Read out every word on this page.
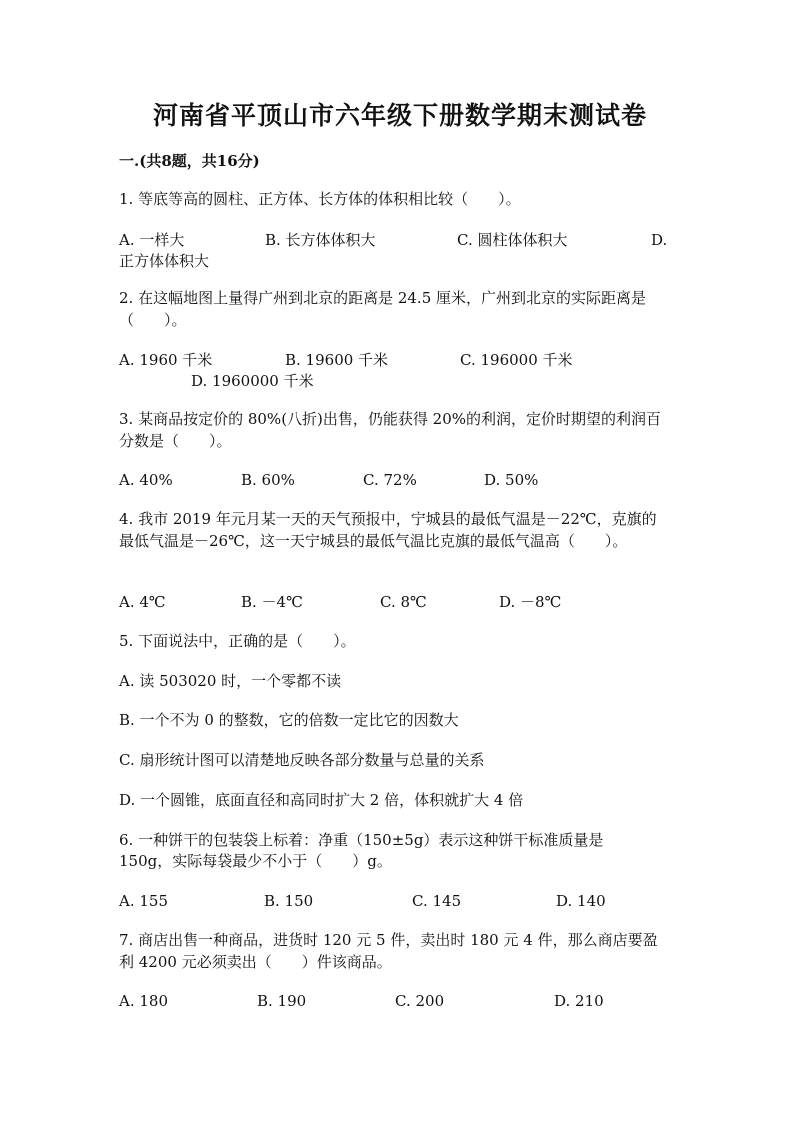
河南省平顶山市六年级下册数学期末测试卷
一.(共8题，共16分)
1. 等底等高的圆柱、正方体、长方体的体积相比较（　　）。
A. 一样大	B. 长方体体积大	C. 圆柱体体积大	D.
正方体体积大
2. 在这幅地图上量得广州到北京的距离是 24.5 厘米，广州到北京的实际距离是
（　　）。
A. 1960 千米	B. 19600 千米	C. 196000 千米
D. 1960000 千米
3. 某商品按定价的 80%(八折)出售，仍能获得 20%的利润，定价时期望的利润百
分数是（　　）。
A. 40%	B. 60%	C. 72%	D. 50%
4. 我市 2019 年元月某一天的天气预报中，宁城县的最低气温是－22℃，克旗的
最低气温是－26℃，这一天宁城县的最低气温比克旗的最低气温高（　　）。
A. 4℃	B. －4℃	C. 8℃	D. －8℃
5. 下面说法中，正确的是（　　）。
A. 读 503020 时，一个零都不读
B. 一个不为 0 的整数，它的倍数一定比它的因数大
C. 扇形统计图可以清楚地反映各部分数量与总量的关系
D. 一个圆锥，底面直径和高同时扩大 2 倍，体积就扩大 4 倍
6. 一种饼干的包装袋上标着：净重（150±5g）表示这种饼干标准质量是
150g，实际每袋最少不小于（　　）g。
A. 155	B. 150	C. 145	D. 140
7. 商店出售一种商品，进货时 120 元 5 件，卖出时 180 元 4 件，那么商店要盈
利 4200 元必须卖出（　　）件该商品。
A. 180	B. 190	C. 200	D. 210
